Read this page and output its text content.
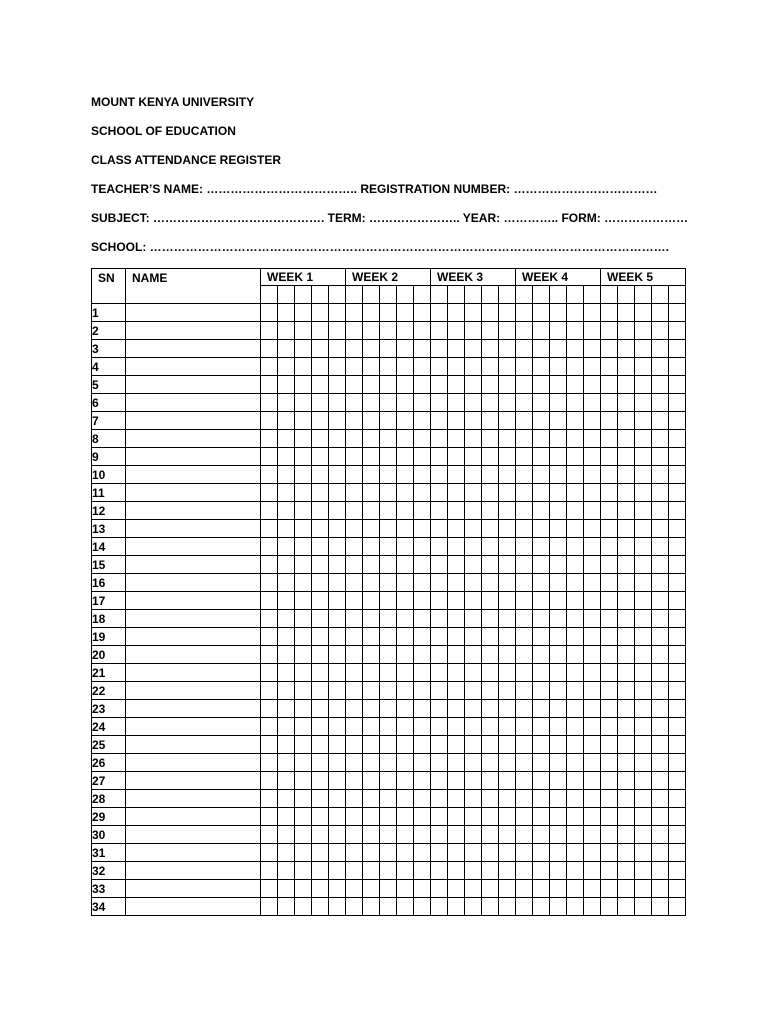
MOUNT KENYA UNIVERSITY
SCHOOL OF EDUCATION
CLASS ATTENDANCE REGISTER
TEACHER’S NAME: ……………………………….. REGISTRATION NUMBER: ………………………………
SUBJECT: ……………………………………. TERM: ………………….. YEAR: ………….. FORM: …………………
SCHOOL: ………………………………………………………………………………………………………………….
SN	NAME	WEEK 1					WEEK 2					WEEK 3					WEEK 4					WEEK 5				

1																										
2																										
3																										
4																										
5																										
6																										
7																										
8																										
9																										
10																										
11																										
12																										
13																										
14																										
15																										
16																										
17																										
18																										
19																										
20																										
21																										
22																										
23																										
24																										
25																										
26																										
27																										
28																										
29																										
30																										
31																										
32																										
33																										
34																										
